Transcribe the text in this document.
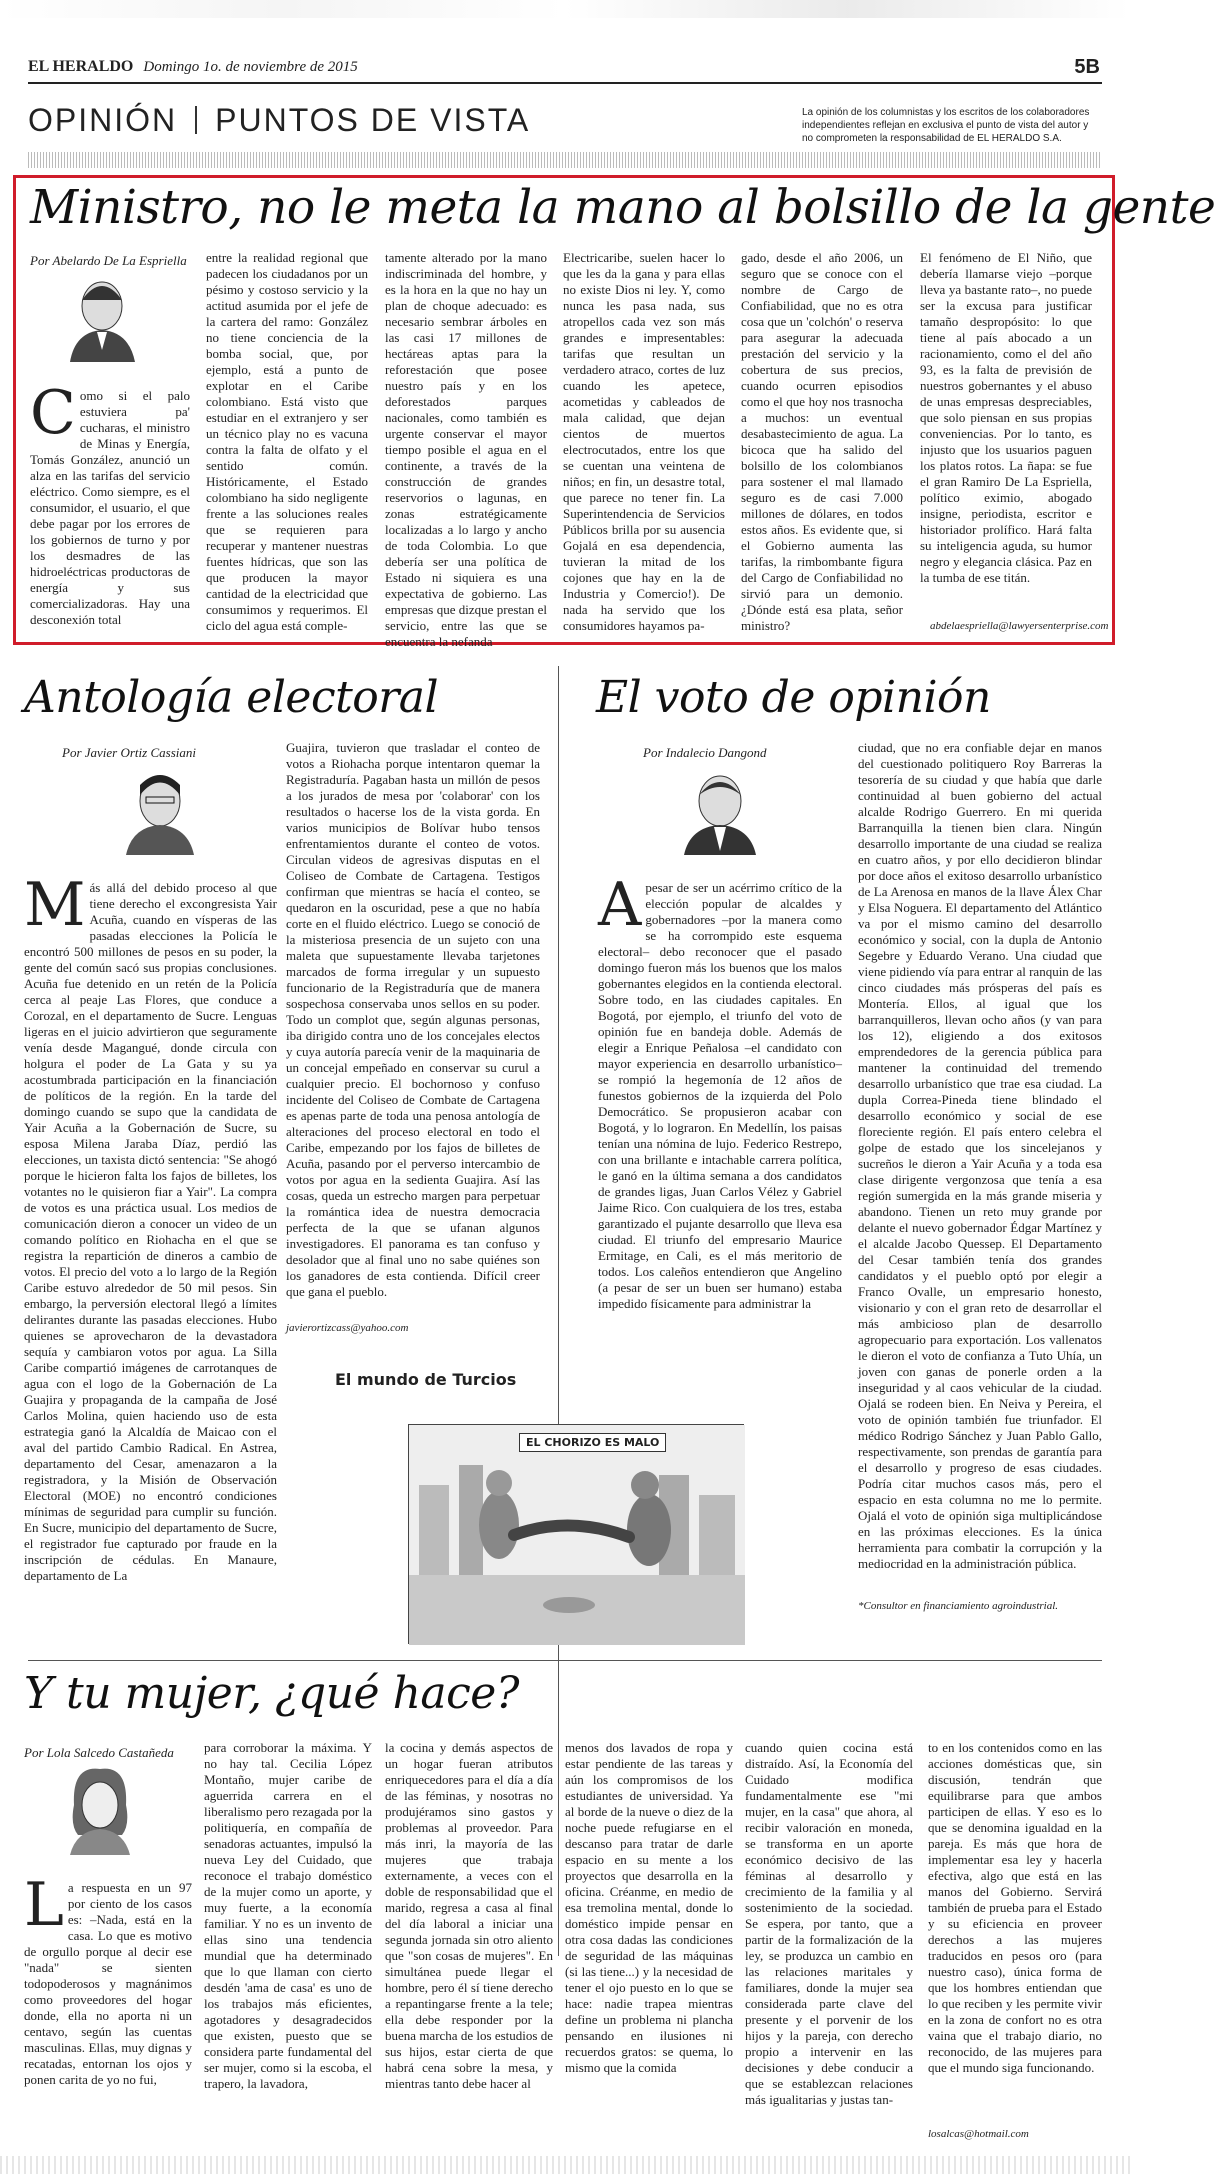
EL HERALDO Domingo 1o. de noviembre de 2015	5B
OPINIÓN PUNTOS DE VISTA	La opinión de los columnistas y los escritos de los colaboradores independientes reflejan en exclusiva el punto de vista del autor y no comprometen la responsabilidad de EL HERALDO S.A.
Ministro, no le meta la mano al bolsillo de la gente
Por Abelardo De La Espriella
Como si el palo estuviera pa' cucharas, el ministro de Minas y Energía, Tomás González, anunció un alza en las tarifas del servicio eléctrico. Como siempre, es el consumidor, el usuario, el que debe pagar por los errores de los gobiernos de turno y por los desmadres de las hidroeléctricas productoras de energía y sus comercializadoras. Hay una desconexión total
entre la realidad regional que padecen los ciudadanos por un pésimo y costoso servicio y la actitud asumida por el jefe de la cartera del ramo: González no tiene conciencia de la bomba social, que, por ejemplo, está a punto de explotar en el Caribe colombiano. Está visto que estudiar en el extranjero y ser un técnico play no es vacuna contra la falta de olfato y el sentido común. Históricamente, el Estado colombiano ha sido negligente frente a las soluciones reales que se requieren para recuperar y mantener nuestras fuentes hídricas, que son las que producen la mayor cantidad de la electricidad que consumimos y requerimos. El ciclo del agua está comple-
tamente alterado por la mano indiscriminada del hombre, y es la hora en la que no hay un plan de choque adecuado: es necesario sembrar árboles en las casi 17 millones de hectáreas aptas para la reforestación que posee nuestro país y en los deforestados parques nacionales, como también es urgente conservar el mayor tiempo posible el agua en el continente, a través de la construcción de grandes reservorios o lagunas, en zonas estratégicamente localizadas a lo largo y ancho de toda Colombia. Lo que debería ser una política de Estado ni siquiera es una expectativa de gobierno. Las empresas que dizque prestan el servicio, entre las que se encuentra la nefanda
Electricaribe, suelen hacer lo que les da la gana y para ellas no existe Dios ni ley. Y, como nunca les pasa nada, sus atropellos cada vez son más grandes e impresentables: tarifas que resultan un verdadero atraco, cortes de luz cuando les apetece, acometidas y cableados de mala calidad, que dejan cientos de muertos electrocutados, entre los que se cuentan una veintena de niños; en fin, un desastre total, que parece no tener fin. La Superintendencia de Servicios Públicos brilla por su ausencia Gojalá en esa dependencia, tuvieran la mitad de los cojones que hay en la de Industria y Comercio!). De nada ha servido que los consumidores hayamos pa-
gado, desde el año 2006, un seguro que se conoce con el nombre de Cargo de Confiabilidad, que no es otra cosa que un 'colchón' o reserva para asegurar la adecuada prestación del servicio y la cobertura de sus precios, cuando ocurren episodios como el que hoy nos trasnocha a muchos: un eventual desabastecimiento de agua. La bicoca que ha salido del bolsillo de los colombianos para sostener el mal llamado seguro es de casi 7.000 millones de dólares, en todos estos años. Es evidente que, si el Gobierno aumenta las tarifas, la rimbombante figura del Cargo de Confiabilidad no sirvió para un demonio. ¿Dónde está esa plata, señor ministro?
El fenómeno de El Niño, que debería llamarse viejo –porque lleva ya bastante rato–, no puede ser la excusa para justificar tamaño despropósito: lo que tiene al país abocado a un racionamiento, como el del año 93, es la falta de previsión de nuestros gobernantes y el abuso de unas empresas despreciables, que solo piensan en sus propias conveniencias. Por lo tanto, es injusto que los usuarios paguen los platos rotos. La ñapa: se fue el gran Ramiro De La Espriella, político eximio, abogado insigne, periodista, escritor e historiador prolífico. Hará falta su inteligencia aguda, su humor negro y elegancia clásica. Paz en la tumba de ese titán.
abdelaespriella@lawyersenterprise.com
Antología electoral
Por Javier Ortiz Cassiani
Más allá del debido proceso al que tiene derecho el excongresista Yair Acuña, cuando en vísperas de las pasadas elecciones la Policía le encontró 500 millones de pesos en su poder, la gente del común sacó sus propias conclusiones. Acuña fue detenido en un retén de la Policía cerca al peaje Las Flores, que conduce a Corozal, en el departamento de Sucre. Lenguas ligeras en el juicio advirtieron que seguramente venía desde Magangué, donde circula con holgura el poder de La Gata y su ya acostumbrada participación en la financiación de políticos de la región. En la tarde del domingo cuando se supo que la candidata de Yair Acuña a la Gobernación de Sucre, su esposa Milena Jaraba Díaz, perdió las elecciones, un taxista dictó sentencia: "Se ahogó porque le hicieron falta los fajos de billetes, los votantes no le quisieron fiar a Yair". La compra de votos es una práctica usual. Los medios de comunicación dieron a conocer un video de un comando político en Riohacha en el que se registra la repartición de dineros a cambio de votos. El precio del voto a lo largo de la Región Caribe estuvo alrededor de 50 mil pesos. Sin embargo, la perversión electoral llegó a límites delirantes durante las pasadas elecciones. Hubo quienes se aprovecharon de la devastadora sequía y cambiaron votos por agua. La Silla Caribe compartió imágenes de carrotanques de agua con el logo de la Gobernación de La Guajira y propaganda de la campaña de José Carlos Molina, quien haciendo uso de esta estrategia ganó la Alcaldía de Maicao con el aval del partido Cambio Radical. En Astrea, departamento del Cesar, amenazaron a la registradora, y la Misión de Observación Electoral (MOE) no encontró condiciones mínimas de seguridad para cumplir su función. En Sucre, municipio del departamento de Sucre, el registrador fue capturado por fraude en la inscripción de cédulas. En Manaure, departamento de La
Guajira, tuvieron que trasladar el conteo de votos a Riohacha porque intentaron quemar la Registraduría. Pagaban hasta un millón de pesos a los jurados de mesa por 'colaborar' con los resultados o hacerse los de la vista gorda. En varios municipios de Bolívar hubo tensos enfrentamientos durante el conteo de votos. Circulan videos de agresivas disputas en el Coliseo de Combate de Cartagena. Testigos confirman que mientras se hacía el conteo, se quedaron en la oscuridad, pese a que no había corte en el fluido eléctrico. Luego se conoció de la misteriosa presencia de un sujeto con una maleta que supuestamente llevaba tarjetones marcados de forma irregular y un supuesto funcionario de la Registraduría que de manera sospechosa conservaba unos sellos en su poder. Todo un complot que, según algunas personas, iba dirigido contra uno de los concejales electos y cuya autoría parecía venir de la maquinaria de un concejal empeñado en conservar su curul a cualquier precio. El bochornoso y confuso incidente del Coliseo de Combate de Cartagena es apenas parte de toda una penosa antología de alteraciones del proceso electoral en todo el Caribe, empezando por los fajos de billetes de Acuña, pasando por el perverso intercambio de votos por agua en la sedienta Guajira. Así las cosas, queda un estrecho margen para perpetuar la romántica idea de nuestra democracia perfecta de la que se ufanan algunos investigadores. El panorama es tan confuso y desolador que al final uno no sabe quiénes son los ganadores de esta contienda. Difícil creer que gana el pueblo.
javierortizcass@yahoo.com
El mundo de Turcios
EL CHORIZO ES MALO
El voto de opinión
Por Indalecio Dangond
Apesar de ser un acérrimo crítico de la elección popular de alcaldes y gobernadores –por la manera como se ha corrompido este esquema electoral– debo reconocer que el pasado domingo fueron más los buenos que los malos gobernantes elegidos en la contienda electoral. Sobre todo, en las ciudades capitales. En Bogotá, por ejemplo, el triunfo del voto de opinión fue en bandeja doble. Además de elegir a Enrique Peñalosa –el candidato con mayor experiencia en desarrollo urbanístico– se rompió la hegemonía de 12 años de funestos gobiernos de la izquierda del Polo Democrático. Se propusieron acabar con Bogotá, y lo lograron. En Medellín, los paisas tenían una nómina de lujo. Federico Restrepo, con una brillante e intachable carrera política, le ganó en la última semana a dos candidatos de grandes ligas, Juan Carlos Vélez y Gabriel Jaime Rico. Con cualquiera de los tres, estaba garantizado el pujante desarrollo que lleva esa ciudad. El triunfo del empresario Maurice Ermitage, en Cali, es el más meritorio de todos. Los caleños entendieron que Angelino (a pesar de ser un buen ser humano) estaba impedido físicamente para administrar la
ciudad, que no era confiable dejar en manos del cuestionado politiquero Roy Barreras la tesorería de su ciudad y que había que darle continuidad al buen gobierno del actual alcalde Rodrigo Guerrero. En mi querida Barranquilla la tienen bien clara. Ningún desarrollo importante de una ciudad se realiza en cuatro años, y por ello decidieron blindar por doce años el exitoso desarrollo urbanístico de La Arenosa en manos de la llave Álex Char y Elsa Noguera. El departamento del Atlántico va por el mismo camino del desarrollo económico y social, con la dupla de Antonio Segebre y Eduardo Verano. Una ciudad que viene pidiendo vía para entrar al ranquin de las cinco ciudades más prósperas del país es Montería. Ellos, al igual que los barranquilleros, llevan ocho años (y van para los 12), eligiendo a dos exitosos emprendedores de la gerencia pública para mantener la continuidad del tremendo desarrollo urbanístico que trae esa ciudad. La dupla Correa-Pineda tiene blindado el desarrollo económico y social de ese floreciente región. El país entero celebra el golpe de estado que los sincelejanos y sucreños le dieron a Yair Acuña y a toda esa clase dirigente vergonzosa que tenía a esa región sumergida en la más grande miseria y abandono. Tienen un reto muy grande por delante el nuevo gobernador Édgar Martínez y el alcalde Jacobo Quessep. El Departamento del Cesar también tenía dos grandes candidatos y el pueblo optó por elegir a Franco Ovalle, un empresario honesto, visionario y con el gran reto de desarrollar el más ambicioso plan de desarrollo agropecuario para exportación. Los vallenatos le dieron el voto de confianza a Tuto Uhía, un joven con ganas de ponerle orden a la inseguridad y al caos vehicular de la ciudad. Ojalá se rodeen bien. En Neiva y Pereira, el voto de opinión también fue triunfador. El médico Rodrigo Sánchez y Juan Pablo Gallo, respectivamente, son prendas de garantía para el desarrollo y progreso de esas ciudades. Podría citar muchos casos más, pero el espacio en esta columna no me lo permite. Ojalá el voto de opinión siga multiplicándose en las próximas elecciones. Es la única herramienta para combatir la corrupción y la mediocridad en la administración pública.
*Consultor en financiamiento agroindustrial.
Y tu mujer, ¿qué hace?
Por Lola Salcedo Castañeda
La respuesta en un 97 por ciento de los casos es: –Nada, está en la casa. Lo que es motivo de orgullo porque al decir ese "nada" se sienten todopoderosos y magnánimos como proveedores del hogar donde, ella no aporta ni un centavo, según las cuentas masculinas. Ellas, muy dignas y recatadas, entornan los ojos y ponen carita de yo no fui,
para corroborar la máxima. Y no hay tal. Cecilia López Montaño, mujer caribe de aguerrida carrera en el liberalismo pero rezagada por la politiquería, en compañía de senadoras actuantes, impulsó la nueva Ley del Cuidado, que reconoce el trabajo doméstico de la mujer como un aporte, y muy fuerte, a la economía familiar. Y no es un invento de ellas sino una tendencia mundial que ha determinado que lo que llaman con cierto desdén 'ama de casa' es uno de los trabajos más eficientes, agotadores y desagradecidos que existen, puesto que se considera parte fundamental del ser mujer, como si la escoba, el trapero, la lavadora,
la cocina y demás aspectos de un hogar fueran atributos enriquecedores para el día a día de las féminas, y nosotras no produjéramos sino gastos y problemas al proveedor. Para más inri, la mayoría de las mujeres que trabaja externamente, a veces con el doble de responsabilidad que el marido, regresa a casa al final del día laboral a iniciar una segunda jornada sin otro aliento que "son cosas de mujeres". En simultánea puede llegar el hombre, pero él sí tiene derecho a repantingarse frente a la tele; ella debe responder por la buena marcha de los estudios de sus hijos, estar cierta de que habrá cena sobre la mesa, y mientras tanto debe hacer al
menos dos lavados de ropa y estar pendiente de las tareas y aún los compromisos de los estudiantes de universidad. Ya al borde de la nueve o diez de la noche puede refugiarse en el descanso para tratar de darle espacio en su mente a los proyectos que desarrolla en la oficina. Créanme, en medio de esa tremolina mental, donde lo doméstico impide pensar en otra cosa dadas las condiciones de seguridad de las máquinas (si las tiene...) y la necesidad de tener el ojo puesto en lo que se hace: nadie trapea mientras define un problema ni plancha pensando en ilusiones ni recuerdos gratos: se quema, lo mismo que la comida
cuando quien cocina está distraído. Así, la Economía del Cuidado modifica fundamentalmente ese "mi mujer, en la casa" que ahora, al recibir valoración en moneda, se transforma en un aporte económico decisivo de las féminas al desarrollo y crecimiento de la familia y al sostenimiento de la sociedad. Se espera, por tanto, que a partir de la formalización de la ley, se produzca un cambio en las relaciones maritales y familiares, donde la mujer sea considerada parte clave del presente y el porvenir de los hijos y la pareja, con derecho propio a intervenir en las decisiones y debe conducir a que se establezcan relaciones más igualitarias y justas tan-
to en los contenidos como en las acciones domésticas que, sin discusión, tendrán que equilibrarse para que ambos participen de ellas. Y eso es lo que se denomina igualdad en la pareja. Es más que hora de implementar esa ley y hacerla efectiva, algo que está en las manos del Gobierno. Servirá también de prueba para el Estado y su eficiencia en proveer derechos a las mujeres traducidos en pesos oro (para nuestro caso), única forma de que los hombres entiendan que lo que reciben y les permite vivir en la zona de confort no es otra vaina que el trabajo diario, no reconocido, de las mujeres para que el mundo siga funcionando.
losalcas@hotmail.com
